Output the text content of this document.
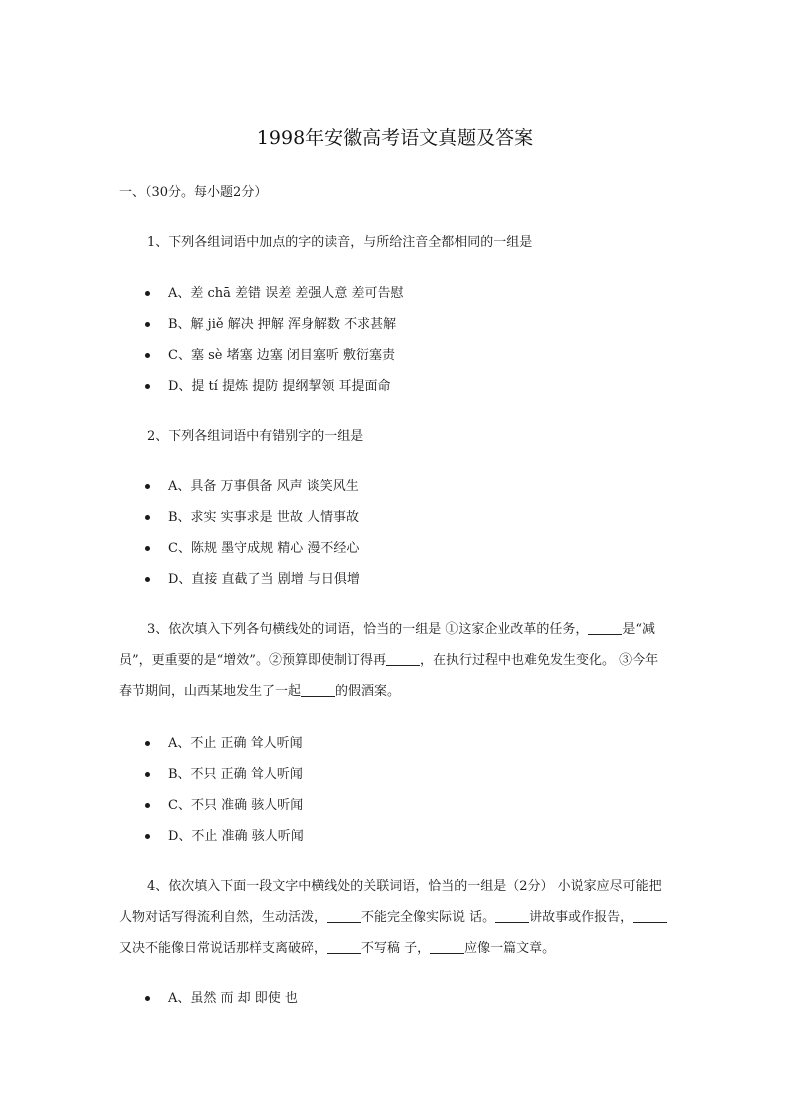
1998年安徽高考语文真题及答案
一、（30分。每小题2分）
1、下列各组词语中加点的字的读音，与所给注音全都相同的一组是
A、差 chā 差错 误差 差强人意 差可告慰
B、解 jiě 解决 押解 浑身解数 不求甚解
C、塞 sè 堵塞 边塞 闭目塞听 敷衍塞责
D、提 tí 提炼 提防 提纲挈领 耳提面命
2、下列各组词语中有错别字的一组是
A、具备 万事俱备 风声 谈笑风生
B、求实 实事求是 世故 人情事故
C、陈规 墨守成规 精心 漫不经心
D、直接 直截了当 剧增 与日俱增
3、依次填入下列各句横线处的词语，恰当的一组是 ①这家企业改革的任务，	是“减员”，更重要的是“增效”。②预算即使制订得再	，在执行过程中也难免发生变化。 ③今年春节期间，山西某地发生了一起	的假酒案。
A、不止 正确 耸人听闻
B、不只 正确 耸人听闻
C、不只 准确 骇人听闻
D、不止 准确 骇人听闻
4、依次填入下面一段文字中横线处的关联词语，恰当的一组是（2分） 小说家应尽可能把人物对话写得流利自然，生动活泼，	不能完全像实际说 话。	讲故事或作报告，又决不能像日常说话那样支离破碎，	不写稿 子，	应像一篇文章。
A、虽然 而 却 即使 也
